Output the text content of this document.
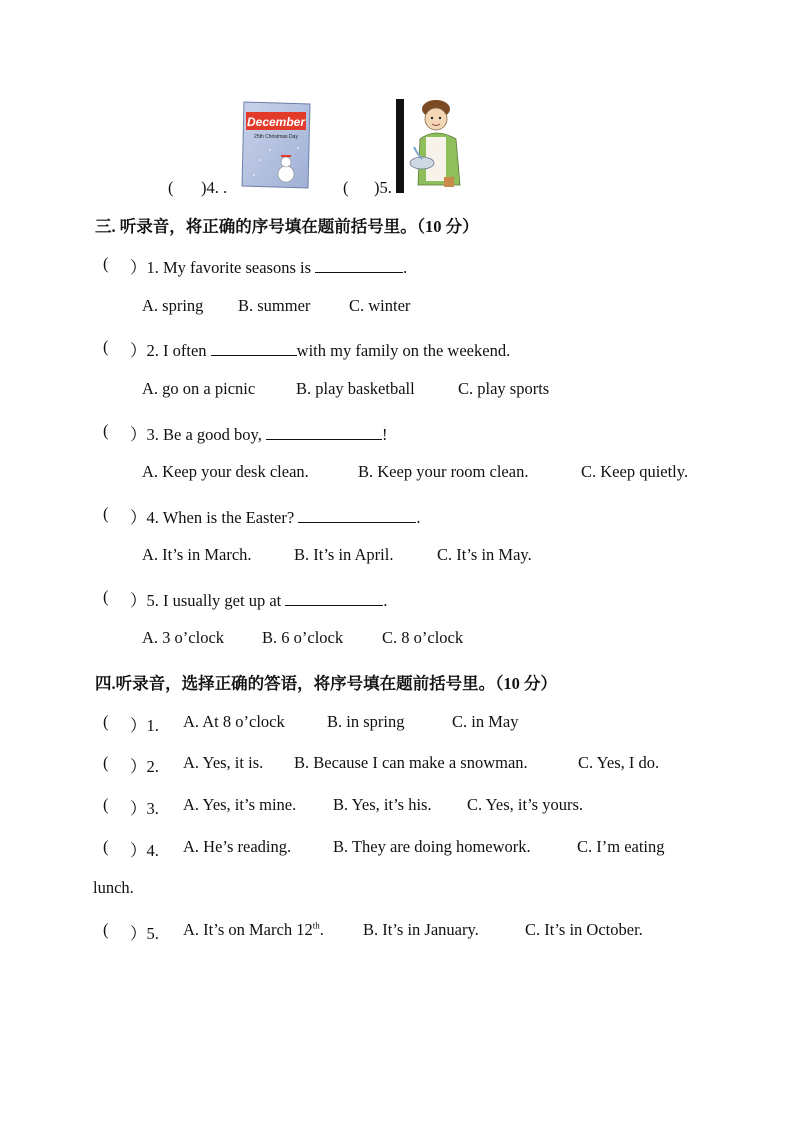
( )4. .
December
25th Christmas Day
( )5.
三. 听录音，将正确的序号填在题前括号里。（10 分）
( ）1. My favorite seasons is	.
A. spring B. summer C. winter
( ）2. I often	with my family on the weekend.
A. go on a picnic B. play basketball	C. play sports
( ）3. Be a good boy,	!
A. Keep your desk clean.	B. Keep your room clean.	C. Keep quietly.
( ）4. When is the Easter?	.
A. It’s in March.	B. It’s in April.	C. It’s in May.
( ）5. I usually get up at	.
A. 3 o’clock B. 6 o’clock C. 8 o’clock
四.听录音，选择正确的答语，将序号填在题前括号里。（10 分）
( ）1. A. At 8 o’clock	B. in spring	C. in May
( ）2. A. Yes, it is. B. Because I can make a snowman.	C. Yes, I do.
( ）3. A. Yes, it’s mine. B. Yes, it’s his. C. Yes, it’s yours.
( ）4. A. He’s reading.	B. They are doing homework.	C. I’m eating
lunch.
( ）5. A. It’s on March 12th. B. It’s in January.	C. It’s in October.
